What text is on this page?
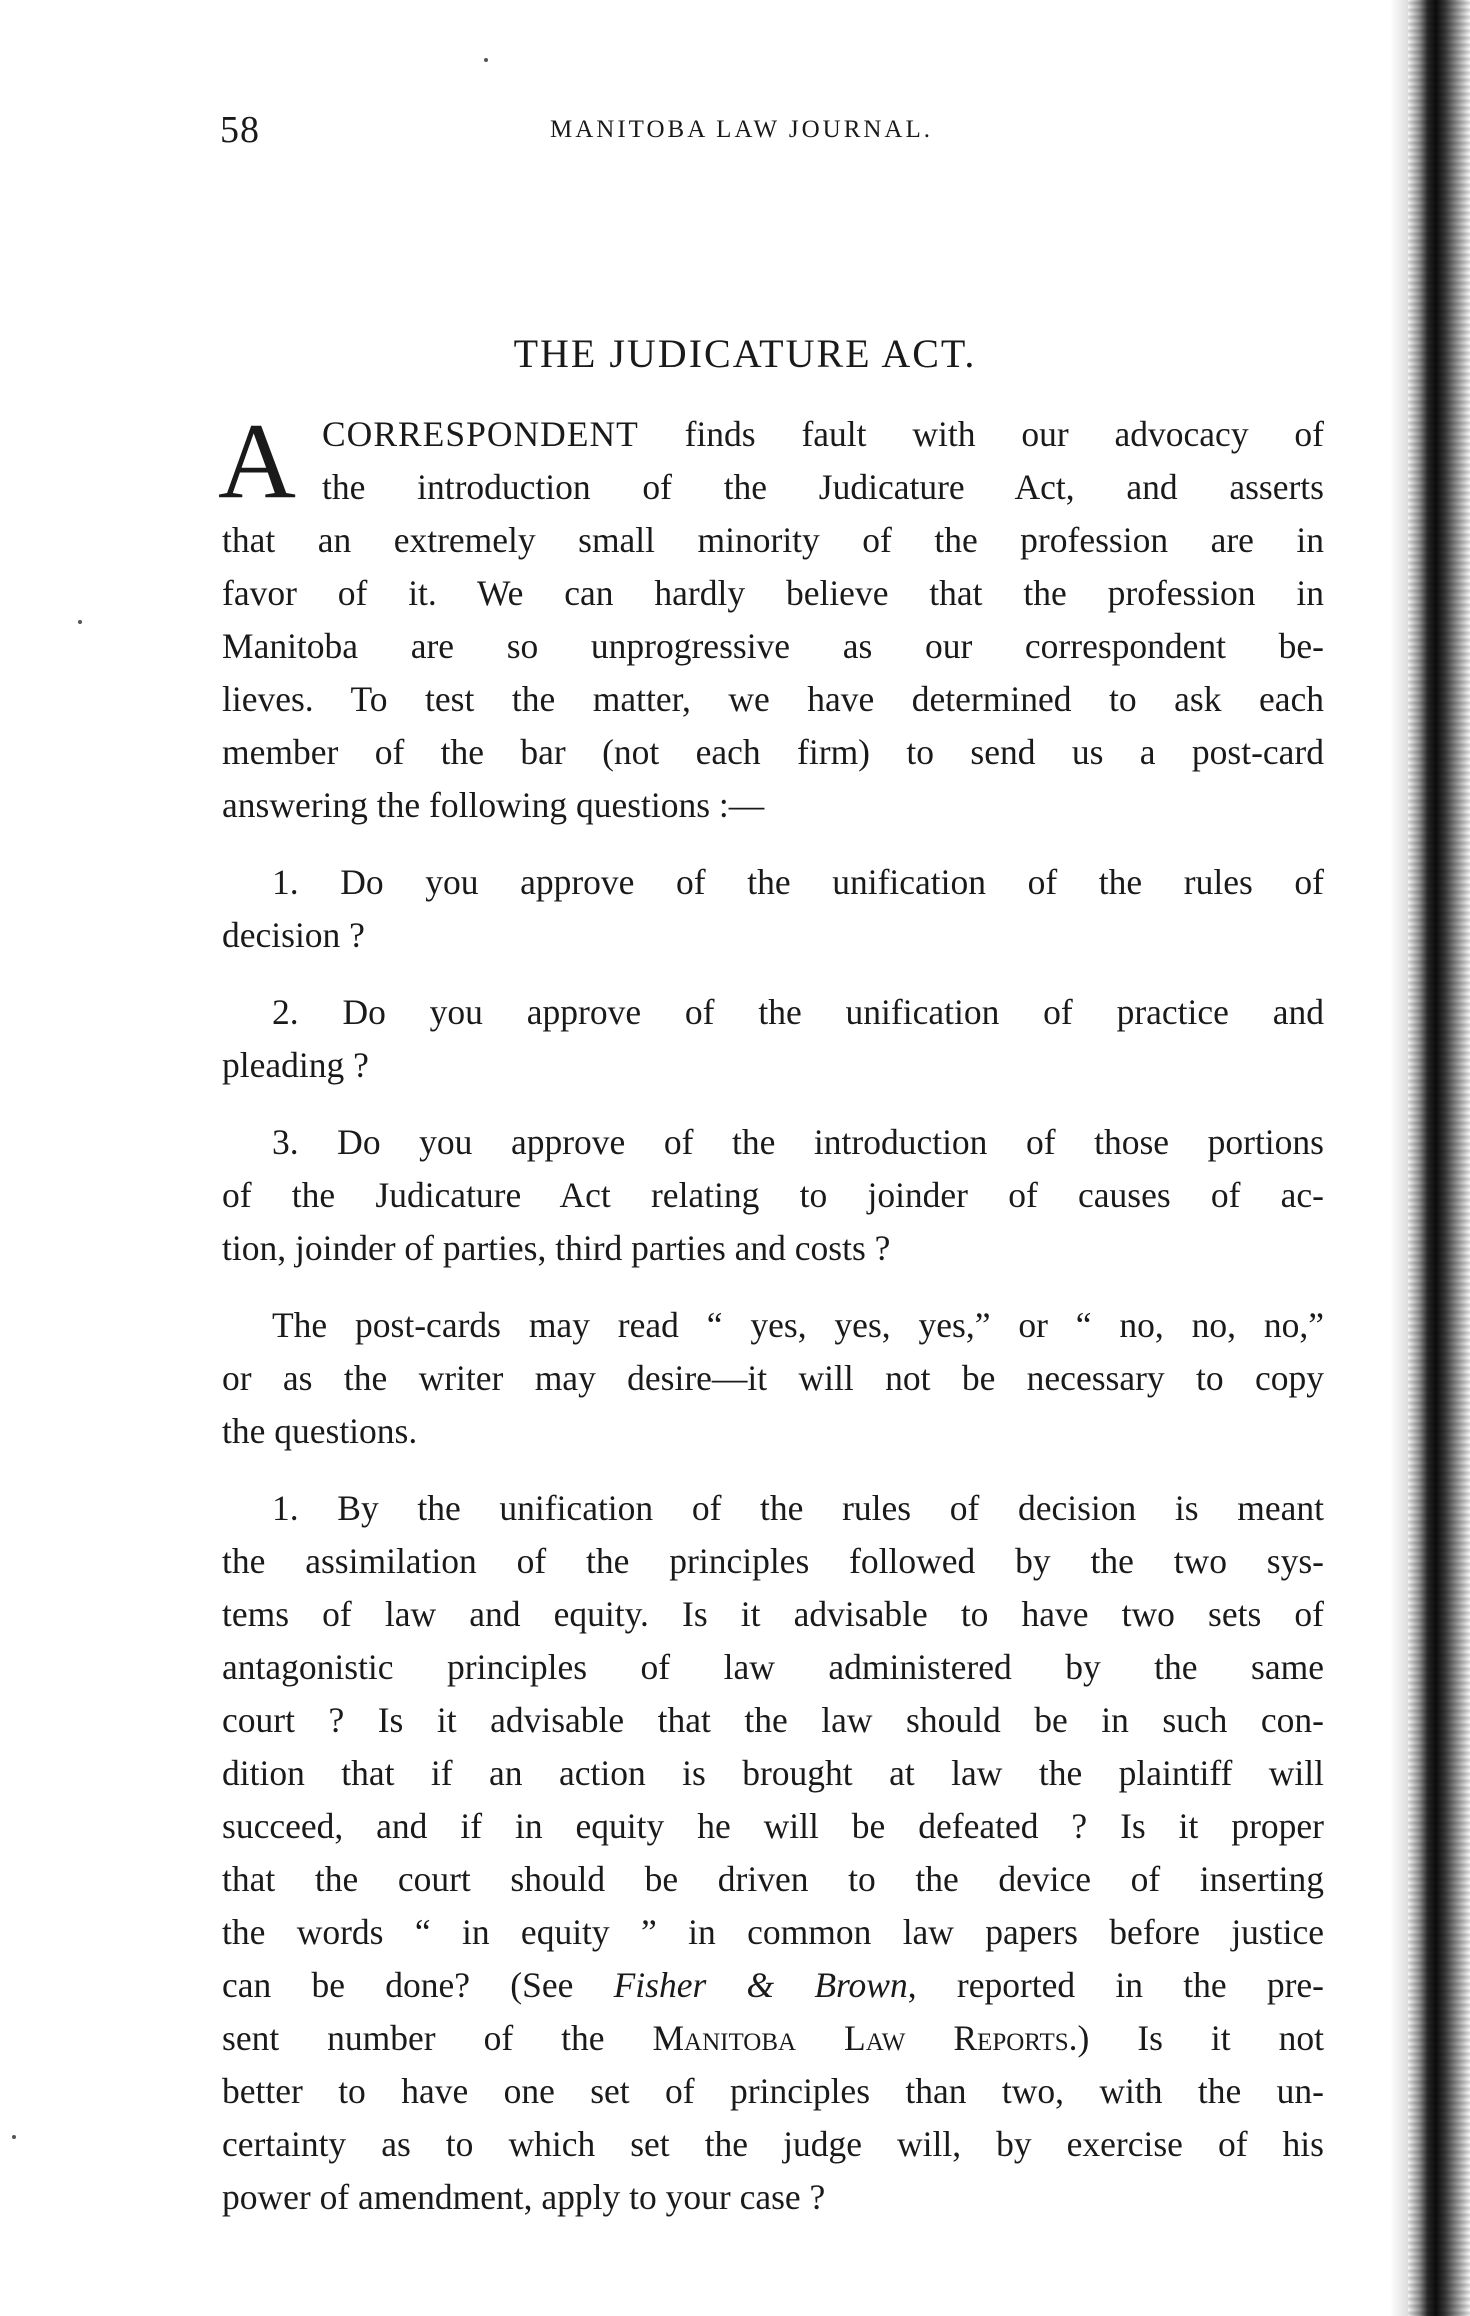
58	MANITOBA LAW JOURNAL.
THE JUDICATURE ACT.
A CORRESPONDENT finds fault with our advocacy of
the introduction of the Judicature Act, and asserts
that an extremely small minority of the profession are in
favor of it. We can hardly believe that the profession in
Manitoba are so unprogressive as our correspondent be-
lieves. To test the matter, we have determined to ask each
member of the bar (not each firm) to send us a post-card
answering the following questions :—
1. Do you approve of the unification of the rules of
decision ?
2. Do you approve of the unification of practice and
pleading ?
3. Do you approve of the introduction of those portions
of the Judicature Act relating to joinder of causes of ac-
tion, joinder of parties, third parties and costs ?
The post-cards may read “ yes, yes, yes,” or “ no, no, no,”
or as the writer may desire—it will not be necessary to copy
the questions.
1. By the unification of the rules of decision is meant
the assimilation of the principles followed by the two sys-
tems of law and equity. Is it advisable to have two sets of
antagonistic principles of law administered by the same
court ? Is it advisable that the law should be in such con-
dition that if an action is brought at law the plaintiff will
succeed, and if in equity he will be defeated ? Is it proper
that the court should be driven to the device of inserting
the words “ in equity ” in common law papers before justice
can be done? (See Fisher & Brown, reported in the pre-
sent number of the Manitoba Law Reports.) Is it not
better to have one set of principles than two, with the un-
certainty as to which set the judge will, by exercise of his
power of amendment, apply to your case ?
